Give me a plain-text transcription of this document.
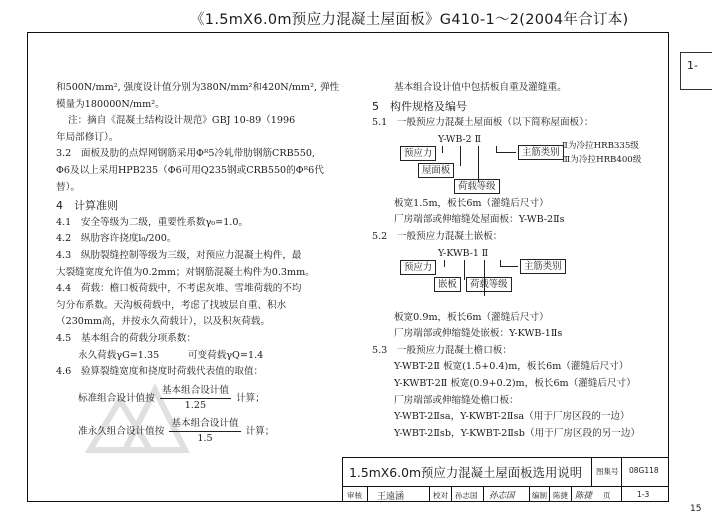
《1.5mX6.0m预应力混凝土屋面板》G410-1～2(2004年合订本)
1-
和500N/mm², 强度设计值分别为380N/mm²和420N/mm², 弹性
模量为180000N/mm²。
注：摘自《混凝土结构设计规范》GBJ 10-89（1996
年局部修订）。
3.2　面板及肋的点焊网钢筋采用Φᴿ5冷轧带肋钢筋CRB550,
Φ6及以上采用HPB235（Φ6可用Q235钢或CRB550的Φᴿ6代
替）。
4　计算准则
4.1　安全等级为二级，重要性系数γ₀=1.0。
4.2　纵肋容许挠度l₀/200。
4.3　纵肋裂缝控制等级为三级，对预应力混凝土构件，最
大裂缝宽度允许值为0.2mm；对钢筋混凝土构件为0.3mm。
4.4　荷载：檐口板荷载中，不考虑灰堆、雪堆荷载的不均
匀分布系数。天沟板荷载中，考虑了找坡层自重、积水
（230mm高，并按永久荷载计），以及积灰荷载。
4.5　基本组合的荷载分项系数：
永久荷载γG=1.35　　　可变荷载γQ=1.4
4.6　验算裂缝宽度和挠度时荷载代表值的取值：
标准组合设计值按 $\frac{\text{基本组合设计值}}{1.25}$ 计算；
准永久组合设计值按 $\frac{\text{基本组合设计值}}{1.5}$ 计算；
基本组合设计值中包括板自重及灌缝重。
5　构件规格及编号
5.1　一般预应力混凝土屋面板（以下简称屋面板）：
Y-WB-2 Ⅱ
预应力
屋面板
荷载等级
主筋类别
Ⅱ为冷拉HRB335级
Ⅲ为冷拉HRB400级
板宽1.5m，板长6m（灌缝后尺寸）
厂房端部或伸缩缝处屋面板：Y-WB-2Ⅱs
5.2　一般预应力混凝土嵌板：
Y-KWB-1 Ⅱ
预应力
嵌板	荷载等级
主筋类别
板宽0.9m，板长6m（灌缝后尺寸）
厂房端部或伸缩缝处嵌板：Y-KWB-1Ⅱs
5.3　一般预应力混凝土檐口板：
Y-WBT-2Ⅱ 板宽(1.5+0.4)m，板长6m（灌缝后尺寸）
Y-KWBT-2Ⅱ 板宽(0.9+0.2)m，板长6m（灌缝后尺寸）
厂房端部或伸缩缝处檐口板：
Y-WBT-2Ⅱsa，Y-KWBT-2Ⅱsa（用于厂房区段的一边）
Y-WBT-2Ⅱsb，Y-KWBT-2Ⅱsb（用于厂房区段的另一边）
1.5mX6.0m预应力混凝土屋面板选用说明 图集号 08G118
审核 王遠涵	校对 孙志国 孙志国 编制 陈捷 陈捷 页	1-3
15
